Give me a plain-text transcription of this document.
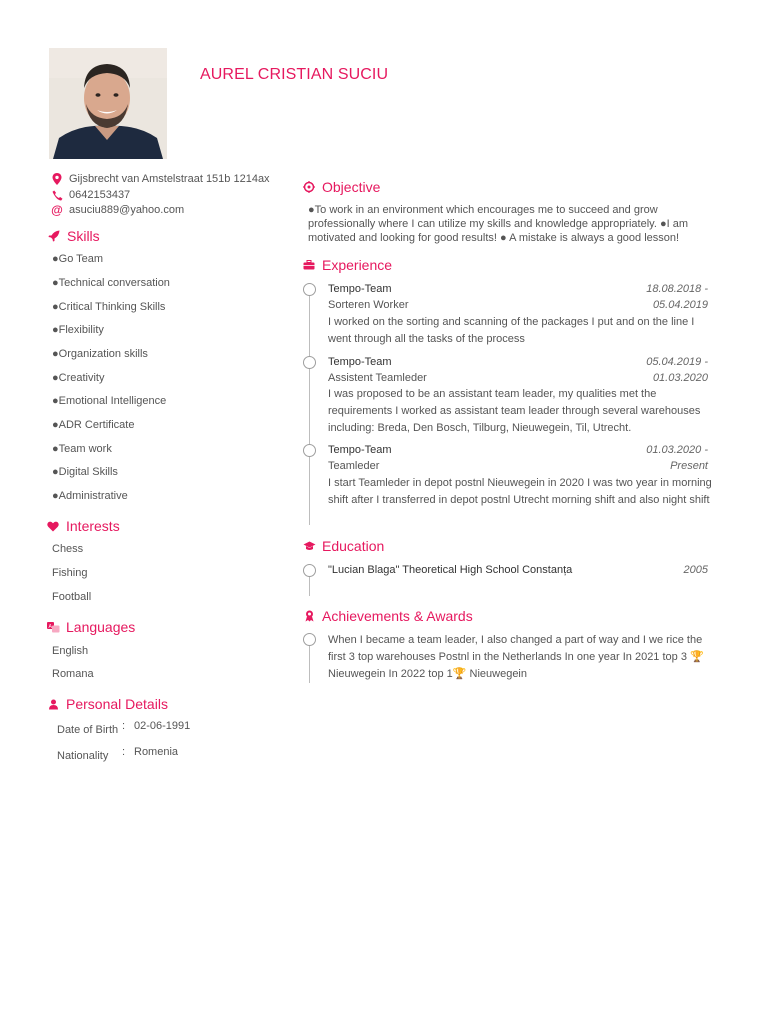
AUREL CRISTIAN SUCIU
Gijsbrecht van Amstelstraat 151b 1214ax
0642153437
@ asuciu889@yahoo.com
Skills
●Go Team
●Technical conversation
●Critical Thinking Skills
●Flexibility
●Organization skills
●Creativity
●Emotional Intelligence
●ADR Certificate
●Team work
●Digital Skills
●Administrative
Interests
Chess
Fishing
Football
A Languages
English
Romana
Personal Details
Date of Birth : 02-06-1991
Nationality : Romenia
Objective
●To work in an environment which encourages me to succeed and grow professionally where I can utilize my skills and knowledge appropriately. ●I am motivated and looking for good results! ● A mistake is always a good lesson!
Experience
Tempo-Team	18.08.2018 -
Sorteren Worker	05.04.2019
I worked on the sorting and scanning of the packages I put and on the line I went through all the tasks of the process
Tempo-Team	05.04.2019 -
Assistent Teamleder	01.03.2020
I was proposed to be an assistant team leader, my qualities met the requirements I worked as assistant team leader through several warehouses including: Breda, Den Bosch, Tilburg, Nieuwegein, Til, Utrecht.
Tempo-Team	01.03.2020 -
Teamleder	Present
I start Teamleder in depot postnl Nieuwegein in 2020 I was two year in morning shift after I transferred in depot postnl Utrecht morning shift and also night shift
Education
"Lucian Blaga" Theoretical High School Constanța	2005
Achievements & Awards
When I became a team leader, I also changed a part of way and I we rice the first 3 top warehouses Postnl in the Netherlands In one year In 2021 top 3 🏆 Nieuwegein In 2022 top 1🏆 Nieuwegein
